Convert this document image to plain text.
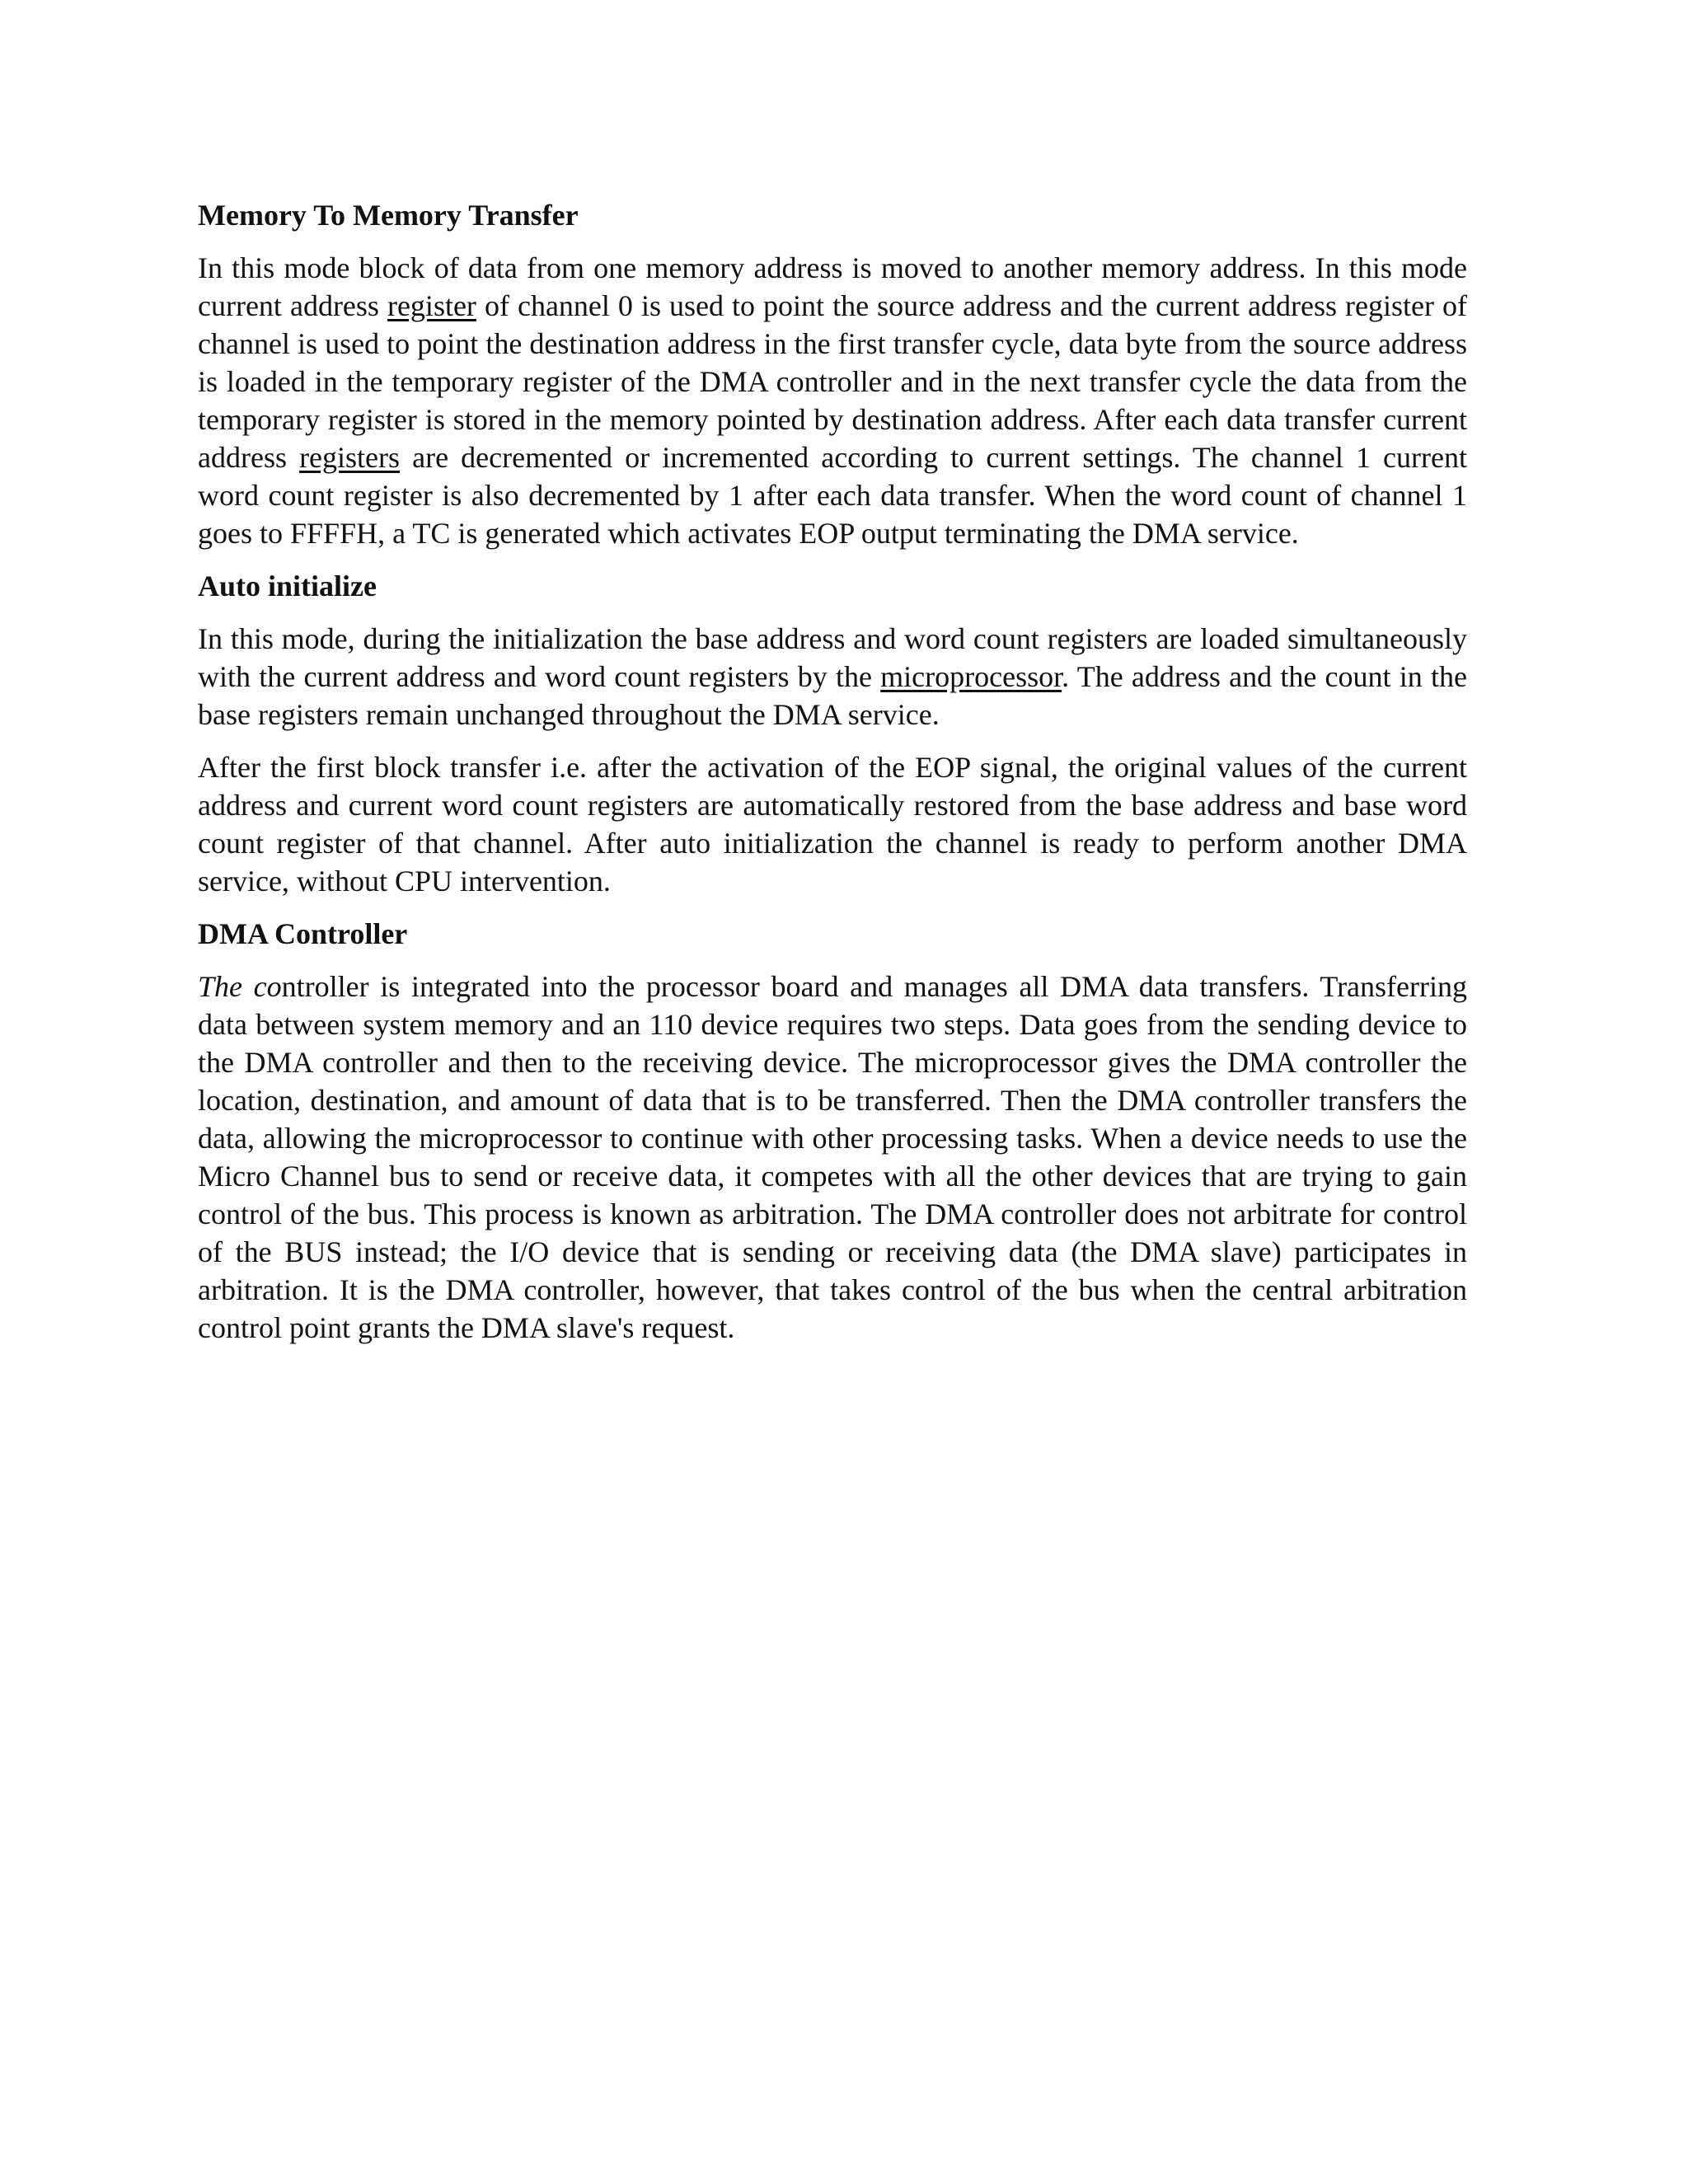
Memory To Memory Transfer

In this mode block of data from one memory address is moved to another memory address. In this mode current address register of channel 0 is used to point the source address and the current address register of channel is used to point the destination address in the first transfer cycle, data byte from the source address is loaded in the temporary register of the DMA controller and in the next transfer cycle the data from the temporary register is stored in the memory pointed by destination address. After each data transfer current address registers are decremented or incremented according to current settings. The channel 1 current word count register is also decremented by 1 after each data transfer. When the word count of channel 1 goes to FFFFH, a TC is generated which activates EOP output terminating the DMA service.

Auto initialize

In this mode, during the initialization the base address and word count registers are loaded simultaneously with the current address and word count registers by the microprocessor. The address and the count in the base registers remain unchanged throughout the DMA service.

After the first block transfer i.e. after the activation of the EOP signal, the original values of the current address and current word count registers are automatically restored from the base address and base word count register of that channel. After auto initialization the channel is ready to perform another DMA service, without CPU intervention.

DMA Controller

The controller is integrated into the processor board and manages all DMA data transfers. Transferring data between system memory and an 110 device requires two steps. Data goes from the sending device to the DMA controller and then to the receiving device. The microprocessor gives the DMA controller the location, destination, and amount of data that is to be transferred. Then the DMA controller transfers the data, allowing the microprocessor to continue with other processing tasks. When a device needs to use the Micro Channel bus to send or receive data, it competes with all the other devices that are trying to gain control of the bus. This process is known as arbitration. The DMA controller does not arbitrate for control of the BUS instead; the I/O device that is sending or receiving data (the DMA slave) participates in arbitration. It is the DMA controller, however, that takes control of the bus when the central arbitration control point grants the DMA slave's request.
